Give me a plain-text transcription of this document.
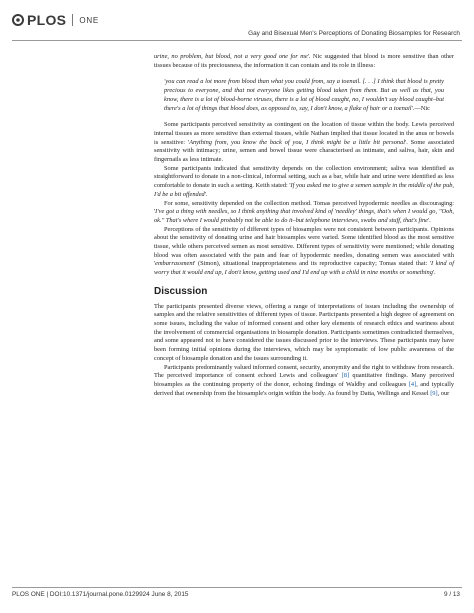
PLOS ONE
Gay and Bisexual Men's Perceptions of Donating Biosamples for Research

urine, no problem, but blood, not a very good one for me'. Nic suggested that blood is more sensitive than other tissues because of its preciousness, the information it can contain and its role in illness:

'you can read a lot more from blood than what you could from, say a toenail. [. . .] I think that blood is pretty precious to everyone, and that not everyone likes getting blood taken from them. But as well as that, you know, there is a lot of blood-borne viruses, there is a lot of blood caught, no, I wouldn't say blood caught–but there's a lot of things that blood does, as opposed to, say, I don't know, a flake of hair or a toenail'.—Nic

Some participants perceived sensitivity as contingent on the location of tissue within the body. Lewis perceived internal tissues as more sensitive than external tissues, while Nathan implied that tissue located in the anus or bowels is sensitive: 'Anything from, you know the back of you, I think might be a little bit personal'. Some associated sensitivity with intimacy; urine, semen and bowel tissue were characterised as intimate, and saliva, hair, skin and fingernails as less intimate.

Some participants indicated that sensitivity depends on the collection environment; saliva was identified as straightforward to donate in a non-clinical, informal setting, such as a bar, while hair and urine were identified as less comfortable to donate in such a setting. Keith stated: 'If you asked me to give a semen sample in the middle of the pub, I'd be a bit offended'.

For some, sensitivity depended on the collection method. Tomas perceived hypodermic needles as discouraging: 'I've got a thing with needles, so I think anything that involved kind of 'needley' things, that's when I would go, "Ooh, ok." That's where I would probably not be able to do it–but telephone interviews, swabs and stuff, that's fine'.

Perceptions of the sensitivity of different types of biosamples were not consistent between participants. Opinions about the sensitivity of donating urine and hair biosamples were varied. Some identified blood as the most sensitive tissue, while others perceived semen as most sensitive. Different types of sensitivity were mentioned; while donating blood was often associated with the pain and fear of hypodermic needles, donating semen was associated with 'embarrassment' (Simon), situational inappropriateness and its reproductive capacity; Tomas stated that: 'I kind of worry that it would end up, I don't know, getting used and I'd end up with a child in nine months or something'.

Discussion

The participants presented diverse views, offering a range of interpretations of issues including the ownership of samples and the relative sensitivities of different types of tissue. Participants presented a high degree of agreement on some issues, including the value of informed consent and other key elements of research ethics and wariness about the involvement of commercial organisations in biosample donation. Participants sometimes contradicted themselves, and some appeared not to have considered the issues discussed prior to the interviews. These participants may have been forming initial opinions during the interviews, which may be symptomatic of low public awareness of the concept of biosample donation and the issues surrounding it.

Participants predominantly valued informed consent, security, anonymity and the right to withdraw from research. The perceived importance of consent echoed Lewis and colleagues' [8] quantitative findings. Many perceived biosamples as the continuing property of the donor, echoing findings of Waldby and colleagues [4], and typically derived that ownership from the biosample's origin within the body. As found by Datta, Wellings and Kessel [9], our

PLOS ONE | DOI:10.1371/journal.pone.0129924 June 8, 2015	9 / 13
